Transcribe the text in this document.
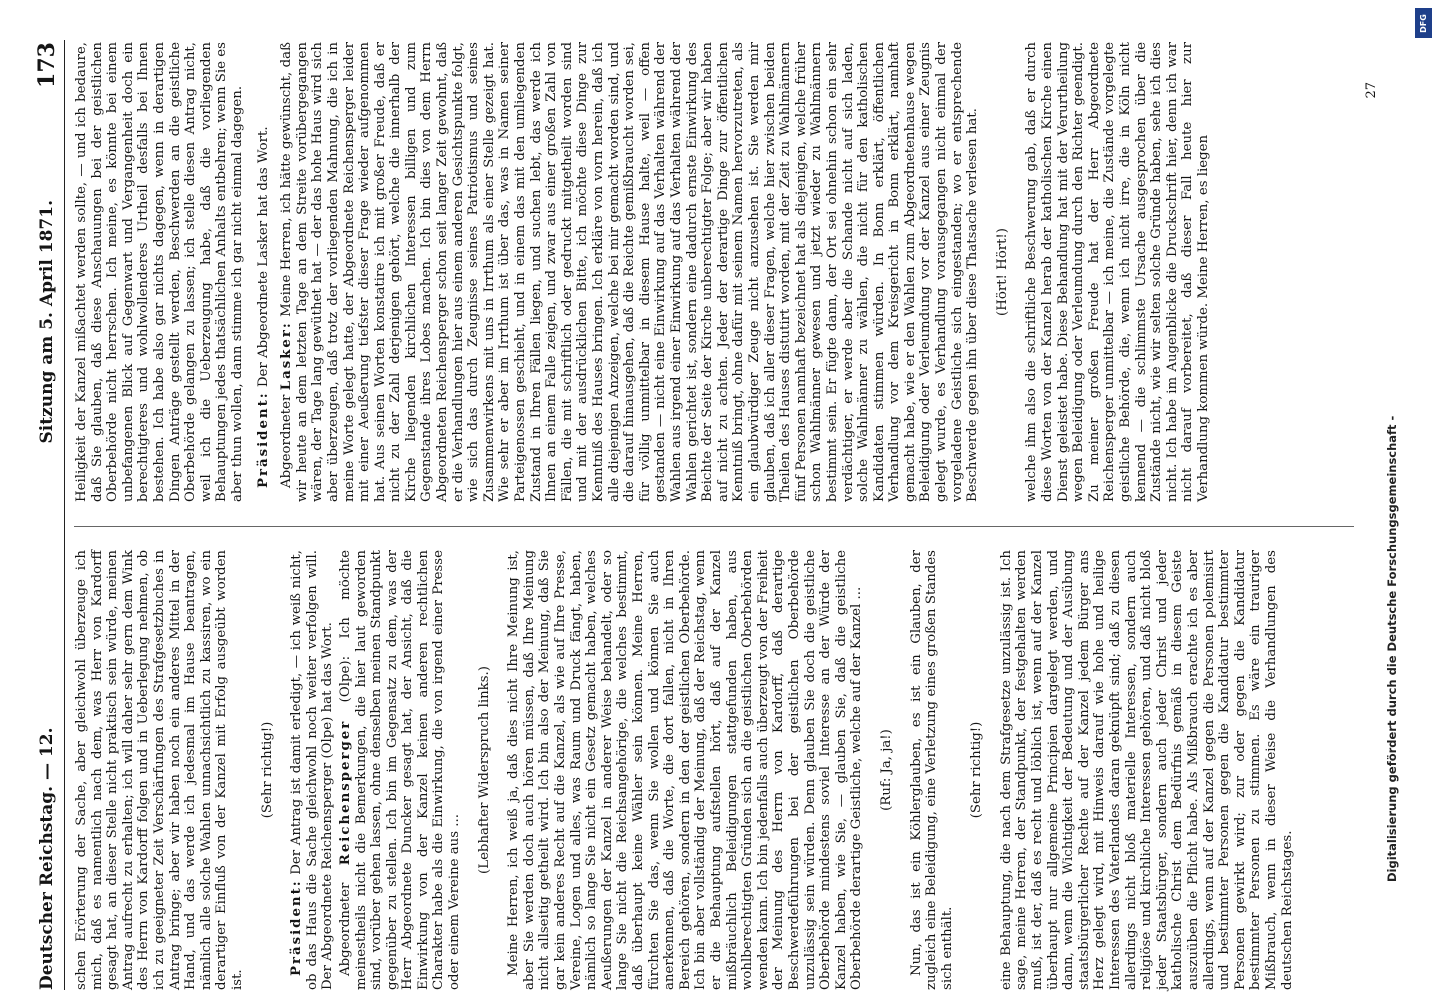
Deutscher Reichstag. — 12.
Sitzung am 5. April 1871.
173

schen Erörterung der Sache, aber gleichwohl überzeuge ich mich, daß es namentlich nach dem, was Herr von Kardorff gesagt hat, an dieser Stelle nicht praktisch sein würde, meinen Antrag aufrecht zu erhalten; ich will daher sehr gern dem Wink des Herrn von Kardorff folgen und in Ueberlegung nehmen, ob ich zu geeigneter Zeit Verschärfungen des Strafgesetzbuches in Antrag bringe; aber wir haben noch ein anderes Mittel in der Hand, und das werde ich jedesmal im Hause beantragen, nämlich alle solche Wahlen unnachsichtlich zu kassiren, wo ein derartiger Einfluß von der Kanzel mit Erfolg ausgeübt worden ist.

(Sehr richtig!)

Präsident: Der Antrag ist damit erledigt, — ich weiß nicht, ob das Haus die Sache gleichwohl noch weiter verfolgen will. Der Abgeordnete Reichensperger (Olpe) hat das Wort. Abgeordneter Reichensperger (Olpe): Ich möchte meinestheils nicht die Bemerkungen, die hier laut geworden sind, vorüber gehen lassen, ohne denselben meinen Standpunkt gegenüber zu stellen. Ich bin im Gegensatz zu dem, was der Herr Abgeordnete Duncker gesagt hat, der Ansicht, daß die Einwirkung von der Kanzel keinen anderen rechtlichen Charakter habe als die Einwirkung, die von irgend einer Presse oder einem Vereine aus ...

(Lebhafter Widerspruch links.) Meine Herren, ich weiß ja, daß dies nicht Ihre Meinung ist, aber Sie werden doch auch hören müssen, daß Ihre Meinung nicht allseitig getheilt wird. Ich bin also der Meinung, daß Sie gar kein anderes Recht auf die Kanzel, als wie auf Ihre Presse, Vereine, Logen und alles, was Raum und Druck fängt, haben, nämlich so lange Sie nicht ein Gesetz gemacht haben, welches Aeußerungen der Kanzel in anderer Weise behandelt, oder so lange Sie nicht die Reichsangehörige, die welches bestimmt, daß überhaupt keine Wähler sein können. Meine Herren, fürchten Sie das, wenn Sie wollen und können Sie auch anerkennen, daß die Worte, die dort fallen, nicht in Ihren Bereich gehören, sondern in den der geistlichen Oberbehörde. Ich bin aber vollständig der Meinung, daß der Reichstag, wenn er die Behauptung aufstellen hört, daß auf der Kanzel mißbräuchlich Beleidigungen stattgefunden haben, aus wohlberechtigten Gründen sich an die geistlichen Oberbehörden wenden kann. Ich bin jedenfalls auch überzeugt von der Freiheit der Meinung des Herrn von Kardorff, daß derartige Beschwerdeführungen bei der geistlichen Oberbehörde unzulässig sein würden. Denn glauben Sie doch die geistliche Oberbehörde mindestens soviel Interesse an der Würde der Kanzel haben, wie Sie, — glauben Sie, daß die geistliche Oberbehörde derartige Geistliche, welche auf der Kanzel ... (Ruf: Ja, ja!) Nun, das ist ein Köhlerglauben, es ist ein Glauben, der zugleich eine Beleidigung, eine Verletzung eines großen Standes sich enthält.

(Sehr richtig!) eine Behauptung, die nach dem Strafgesetze unzulässig ist. Ich sage, meine Herren, der Standpunkt, der festgehalten werden muß, ist der, daß es recht und löblich ist, wenn auf der Kanzel überhaupt nur allgemeine Principien dargelegt werden, und dann, wenn die Wichtigkeit der Bedeutung und der Ausübung staatsbürgerlicher Rechte auf der Kanzel jedem Bürger ans Herz gelegt wird, mit Hinweis darauf wie hohe und heilige Interessen des Vaterlandes daran geknüpft sind; daß zu diesen allerdings nicht bloß materielle Interessen, sondern auch religiöse und kirchliche Interessen gehören, und daß nicht bloß jeder Staatsbürger, sondern auch jeder Christ und jeder katholische Christ dem Bedürfnis gemäß in diesem Geiste auszuüben die Pflicht habe. Als Mißbrauch erachte ich es aber allerdings, wenn auf der Kanzel gegen die Personen polemisirt und bestimmter Personen gegen die Kandidatur bestimmter Personen gewirkt wird; zur oder gegen die Kandidatur bestimmter Personen zu stimmen. Es wäre ein trauriger Mißbrauch, wenn in dieser Weise die Verhandlungen des deutschen Reichstages.

Heiligkeit der Kanzel mißachtet werden sollte, — und ich bedaure, daß Sie glauben, daß diese Anschauungen bei der geistlichen Oberbehörde nicht herrschen. Ich meine, es könnte bei einem unbefangenen Blick auf Gegenwart und Vergangenheit doch ein berechtigteres und wohlwollenderes Urtheil desfalls bei Ihnen bestehen. Ich habe also gar nichts dagegen, wenn in derartigen Dingen Anträge gestellt werden, Beschwerden an die geistliche Oberbehörde gelangen zu lassen; ich stelle diesen Antrag nicht, weil ich die Ueberzeugung habe, daß die vorliegenden Behauptungen jedes thatsächlichen Anhalts entbehren; wenn Sie es aber thun wollen, dann stimme ich gar nicht einmal dagegen. Präsident: Der Abgeordnete Lasker hat das Wort.

Abgeordneter Lasker: Meine Herren, ich hätte gewünscht, daß wir heute an dem letzten Tage an dem Streite vorübergegangen wären, der Tage lang gewüthet hat — der das hohe Haus wird sich aber überzeugen, daß trotz der vorliegenden Mahnung, die ich in meine Worte gelegt hatte, der Abgeordnete Reichensperger leider mit einer Aeußerung tiefster dieser Frage wieder aufgenommen hat. Aus seinen Worten konstatire ich mit großer Freude, daß er nicht zu der Zahl derjenigen gehört, welche die innerhalb der Kirche liegenden kirchlichen Interessen billigen und zum Gegenstande ihres Lobes machen. Ich bin dies von dem Herrn Abgeordneten Reichensperger schon seit langer Zeit gewohnt, daß er die Verhandlungen hier aus einem anderen Gesichtspunkte folgt, wie sich das durch Zeugnisse seines Patriotismus und seines Zusammenwirkens mit uns in Irrthum als einer Stelle gezeigt hat. Wie sehr er aber im Irrthum ist über das, was in Namen seiner Parteigenossen geschieht, und in einem das mit den umliegenden Zustand in Ihren Fällen liegen, und suchen lebt, das werde ich Ihnen an einem Falle zeigen, und zwar aus einer großen Zahl von Fällen, die mit schriftlich oder gedruckt mitgetheilt worden sind und mit der ausdrücklichen Bitte, ich möchte diese Dinge zur Kenntniß des Hauses bringen. Ich erkläre von vorn herein, daß ich alle diejenigen Anzeigen, welche bei mir gemacht worden sind, und die darauf hinausgehen, daß die Reichte gemißbraucht worden sei, für völlig unmittelbar in diesem Hause halte, weil — offen gestanden — nicht eine Einwirkung auf das Verhalten während der Wahlen aus irgend einer Einwirkung auf das Verhalten während der Wahlen gerichtet ist, sondern eine dadurch ernste Einwirkung des Beichte der Seite der Kirche unberechtigter Folge; aber wir haben auf nicht zu achten. Jeder der derartige Dinge zur öffentlichen Kenntniß bringt, ohne dafür mit seinem Namen hervorzutreten, als ein glaubwürdiger Zeuge nicht anzusehen ist. Sie werden mir glauben, daß ich aller dieser Fragen, welche hier zwischen beiden Theilen des Hauses distutirt worden, mit der Zeit zu Wahlmännern fünf Personen namhaft bezeichnet hat als diejenigen, welche früher schon Wahlmänner gewesen und jetzt wieder zu Wahlmännern bestimmt sein. Er fügte dann, der Ort sei ohnehin schon ein sehr verdächtiger, er werde aber die Schande nicht auf sich laden, solche Wahlmänner zu wählen, die nicht für den katholischen Kandidaten stimmen würden. In Bonn erklärt, öffentlichen Verhandlung vor dem Kreisgericht in Bonn erklärt, namhaft gemacht habe, wie er den Wahlen zum Abgeordnetenhause wegen Beleidigung oder Verleumdung vor der Kanzel aus einer Zeugnis gelegt wurde, es Verhandlung vorausgegangen nicht einmal der vorgeladene Geistliche sich eingestanden; wo er entsprechende Beschwerde gegen ihn über diese Thatsache verlesen hat. (Hört! Hört!) welche ihm also die schriftliche Beschwerung gab, daß er durch diese Worten von der Kanzel herab der katholischen Kirche einen Dienst geleistet habe. Diese Behandlung hat mit der Verurtheilung wegen Beleidigung oder Verleumdung durch den Richter geendigt. Zu meiner großen Freude hat der Herr Abgeordnete Reichensperger unmittelbar — ich meine, die Zustände vorgelegte geistliche Behörde, die, wenn ich nicht irre, die in Köln nicht kennend — die schlimmste Ursache ausgesprochen über die Zustände nicht, wie wir selten solche Gründe haben, sehe ich dies nicht. Ich habe im Augenblicke die Druckschrift hier, denn ich war nicht darauf vorbereitet, daß dieser Fall heute hier zur Verhandlung kommen würde. Meine Herren, es liegen

27
Digitalisierung gefördert durch die Deutsche Forschungsgemeinschaft -
DFG
